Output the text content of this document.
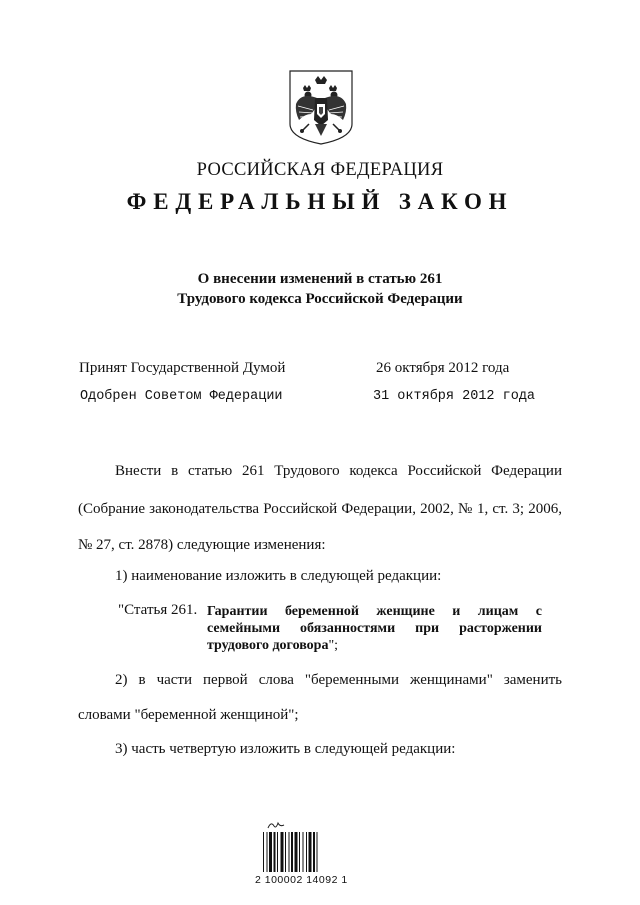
РОССИЙСКАЯ ФЕДЕРАЦИЯ
ФЕДЕРАЛЬНЫЙ ЗАКОН
О внесении изменений в статью 261
Трудового кодекса Российской Федерации
Принят Государственной Думой	26 октября 2012 года
Одобрен Советом Федерации	31 октября 2012 года
Внести в статью 261 Трудового кодекса Российской Федерации
(Собрание законодательства Российской Федерации, 2002, № 1, ст. 3; 2006,
№ 27, ст. 2878) следующие изменения:
1) наименование изложить в следующей редакции:
"Статья 261. Гарантии беременной женщине и лицам с семейными обязанностями при расторжении трудового договора";
2) в части первой слова "беременными женщинами" заменить
словами "беременной женщиной";
3) часть четвертую изложить в следующей редакции:
2 100002 14092 1
